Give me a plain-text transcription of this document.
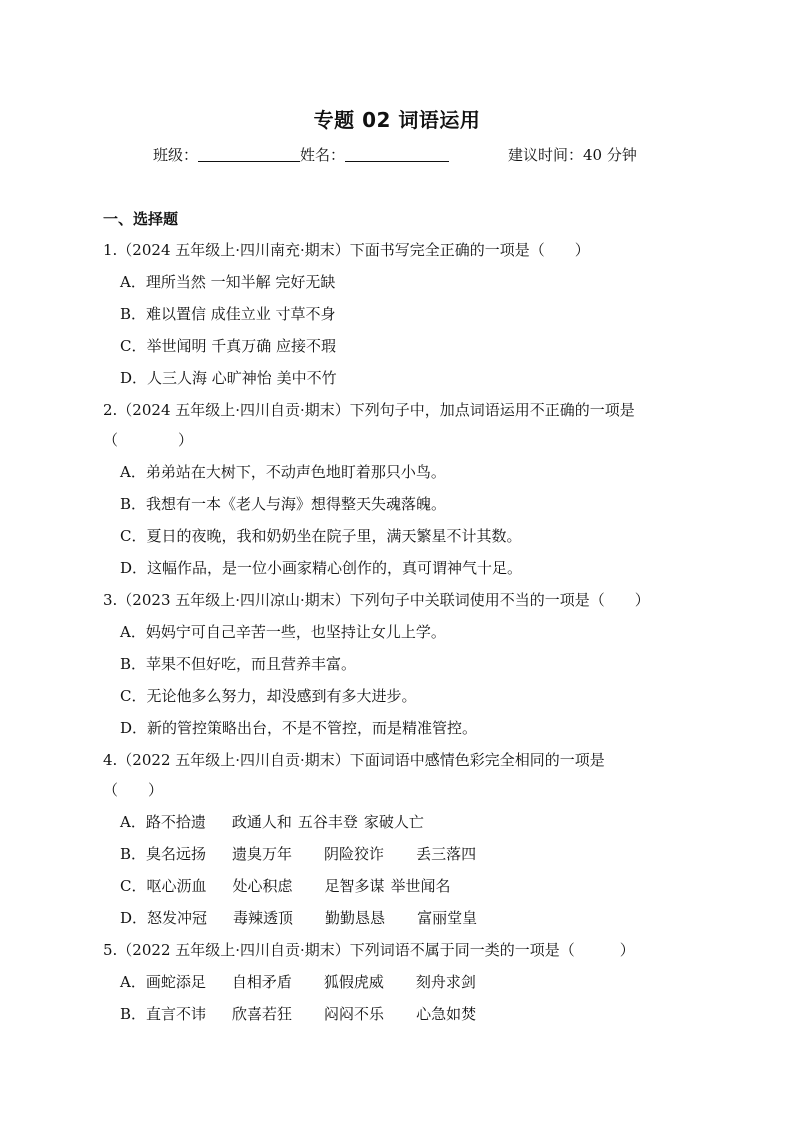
专题 02 词语运用
班级：	姓名：	建议时间：40 分钟
一、选择题
1.（2024 五年级上·四川南充·期末）下面书写完全正确的一项是（　　）
A．理所当然 一知半解 完好无缺
B．难以置信 成佳立业 寸草不身
C．举世闻明 千真万确 应接不瑕
D．人三人海 心旷神怡 美中不竹
2.（2024 五年级上·四川自贡·期末）下列句子中，加点词语运用不正确的一项是
（　　　　）
A．弟弟站在大树下，不动声色地盯着那只小鸟。
B．我想有一本《老人与海》想得整天失魂落魄。
C．夏日的夜晚，我和奶奶坐在院子里，满天繁星不计其数。
D．这幅作品，是一位小画家精心创作的，真可谓神气十足。
3.（2023 五年级上·四川凉山·期末）下列句子中关联词使用不当的一项是（　　）
A．妈妈宁可自己辛苦一些，也坚持让女儿上学。
B．苹果不但好吃，而且营养丰富。
C．无论他多么努力，却没感到有多大进步。
D．新的管控策略出台，不是不管控，而是精准管控。
4.（2022 五年级上·四川自贡·期末）下面词语中感情色彩完全相同的一项是
（　　）
A．路不拾遗 政通人和 五谷丰登 家破人亡
B．臭名远扬 遗臭万年 阴险狡诈 丢三落四
C．呕心沥血 处心积虑 足智多谋 举世闻名
D．怒发冲冠 毒辣透顶 勤勤恳恳 富丽堂皇
5.（2022 五年级上·四川自贡·期末）下列词语不属于同一类的一项是（　　　）
A．画蛇添足 自相矛盾 狐假虎威 刻舟求剑
B．直言不讳 欣喜若狂 闷闷不乐 心急如焚
